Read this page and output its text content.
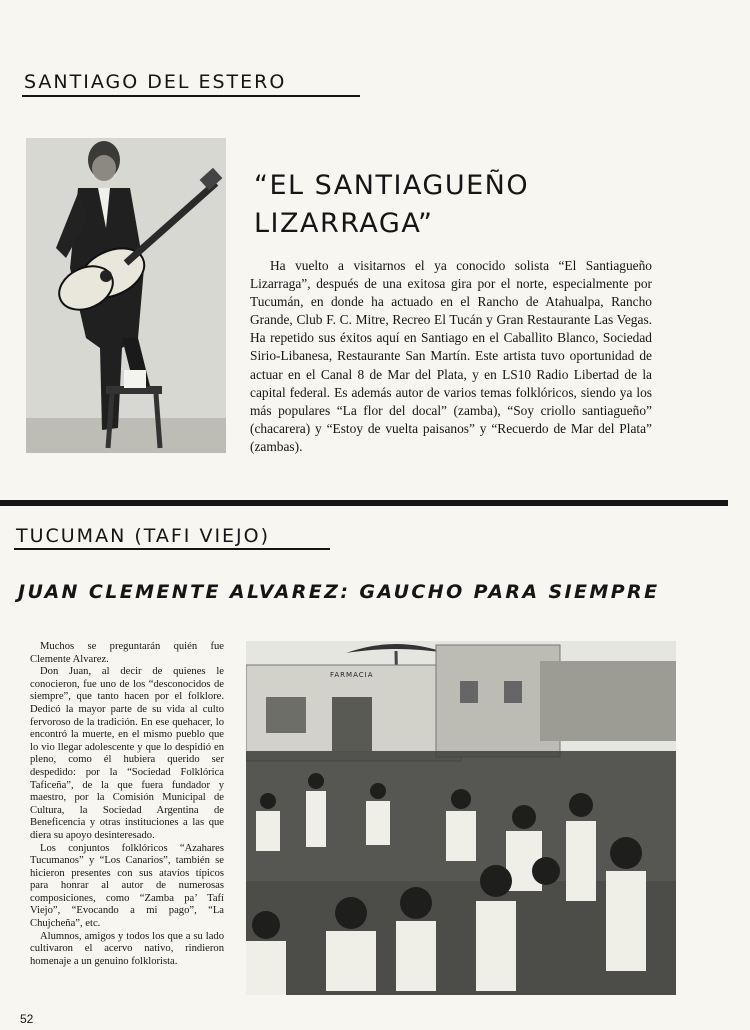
SANTIAGO DEL ESTERO
“EL SANTIAGUEÑO
LIZARRAGA”

Ha vuelto a visitarnos el ya conocido solista “El Santiagueño Lizarraga”, después de una exitosa gira por el norte, especialmente por Tucumán, en donde ha actuado en el Rancho de Atahualpa, Rancho Grande, Club F. C. Mitre, Recreo El Tucán y Gran Restaurante Las Vegas. Ha repetido sus éxitos aquí en Santiago en el Caballito Blanco, Sociedad Sirio-Libanesa, Restaurante San Martín. Este artista tuvo oportunidad de actuar en el Canal 8 de Mar del Plata, y en LS10 Radio Libertad de la capital federal. Es además autor de varios temas folklóricos, siendo ya los más populares “La flor del docal” (zamba), “Soy criollo santiagueño” (chacarera) y “Estoy de vuelta paisanos” y “Recuerdo de Mar del Plata” (zambas).

TUCUMAN (TAFI VIEJO)
JUAN CLEMENTE ALVAREZ: GAUCHO PARA SIEMPRE

Muchos se preguntarán quién fue Clemente Alvarez.

Don Juan, al decir de quienes le conocieron, fue uno de los “desconocidos de siempre”, que tanto hacen por el folklore. Dedicó la mayor parte de su vida al culto fervoroso de la tradición. En ese quehacer, lo encontró la muerte, en el mismo pueblo que lo vio llegar adolescente y que lo despidió en pleno, como él hubiera querido ser despedido: por la “Sociedad Folklórica Taficeña”, de la que fuera fundador y maestro, por la Comisión Municipal de Cultura, la Sociedad Argentina de Beneficencia y otras instituciones a las que diera su apoyo desinteresado.

Los conjuntos folklóricos “Azahares Tucumanos” y “Los Canarios”, también se hicieron presentes con sus atavíos típicos para honrar al autor de numerosas composiciones, como “Zamba pa’ Tafí Viejo”, “Evocando a mi pago”, “La Chujcheña”, etc.

Alumnos, amigos y todos los que a su lado cultivaron el acervo nativo, rindieron homenaje a un genuino folklorista.

FARMACIA
52
